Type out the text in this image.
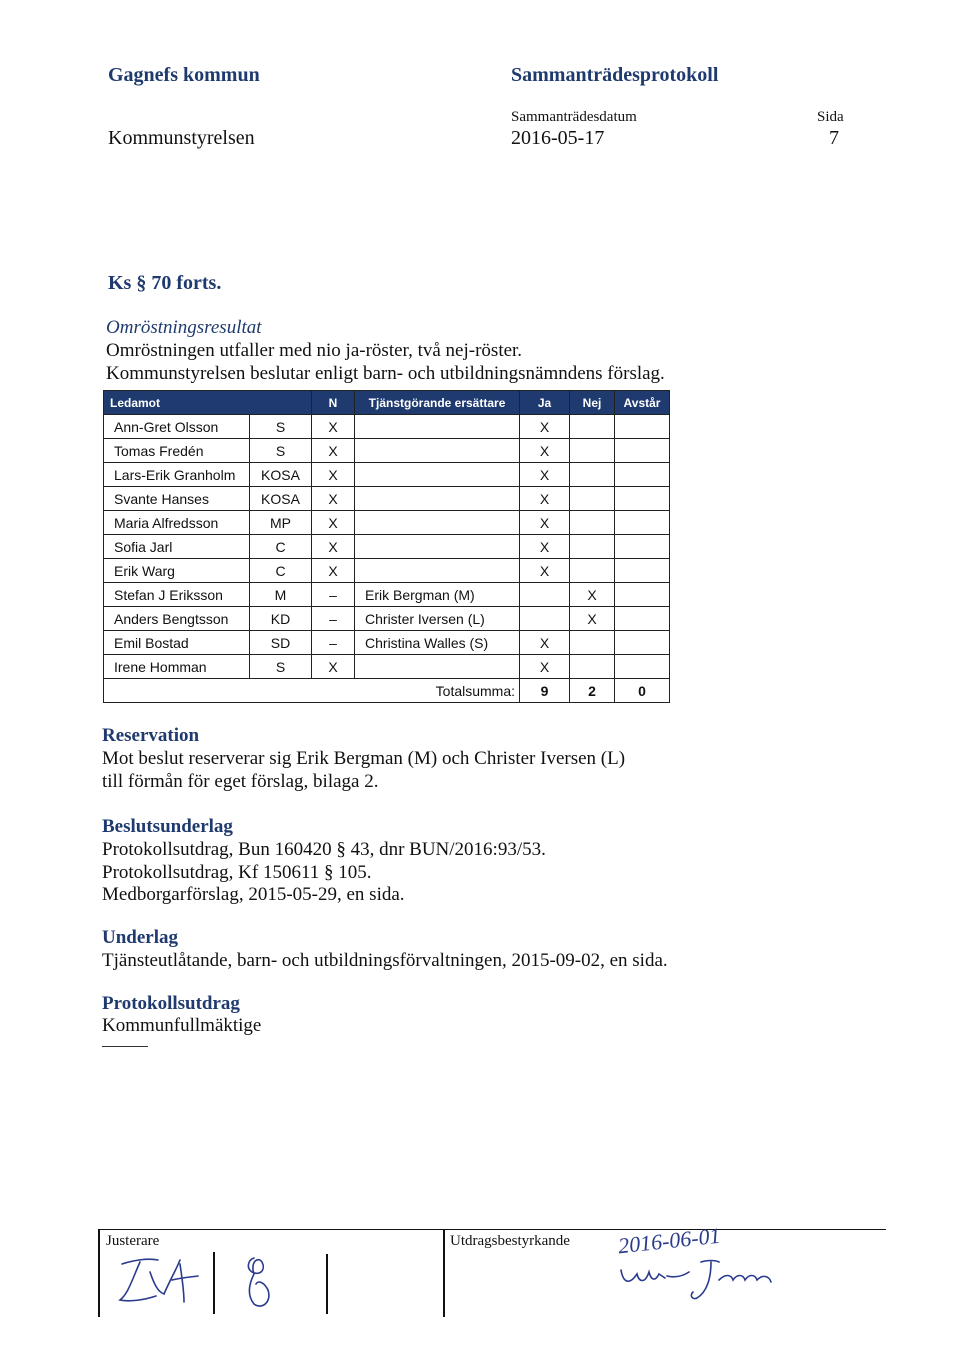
Gagnefs kommun	Sammanträdesprotokoll
Sammanträdesdatum	Sida
Kommunstyrelsen	2016-05-17	7
Ks § 70 forts.
Omröstningsresultat
Omröstningen utfaller med nio ja-röster, två nej-röster.
Kommunstyrelsen beslutar enligt barn- och utbildningsnämndens förslag.
Ledamot		N	Tjänstgörande ersättare	Ja	Nej	Avstår
Ann-Gret Olsson	S	X		X		
Tomas Fredén	S	X		X		
Lars-Erik Granholm	KOSA	X		X		
Svante Hanses	KOSA	X		X		
Maria Alfredsson	MP	X		X		
Sofia Jarl	C	X		X		
Erik Warg	C	X		X		
Stefan J Eriksson	M	–	Erik Bergman (M)		X	
Anders Bengtsson	KD	–	Christer Iversen (L)		X	
Emil Bostad	SD	–	Christina Walles (S)	X		
Irene Homman	S	X		X		
Totalsumma:				9	2	0
Reservation
Mot beslut reserverar sig Erik Bergman (M) och Christer Iversen (L)
till förmån för eget förslag, bilaga 2.
Beslutsunderlag
Protokollsutdrag, Bun 160420 § 43, dnr BUN/2016:93/53.
Protokollsutdrag, Kf 150611 § 105.
Medborgarförslag, 2015-05-29, en sida.
Underlag
Tjänsteutlåtande, barn- och utbildningsförvaltningen, 2015-09-02, en sida.
Protokollsutdrag
Kommunfullmäktige
Justerare	Utdragsbestyrkande 2016-06-01
